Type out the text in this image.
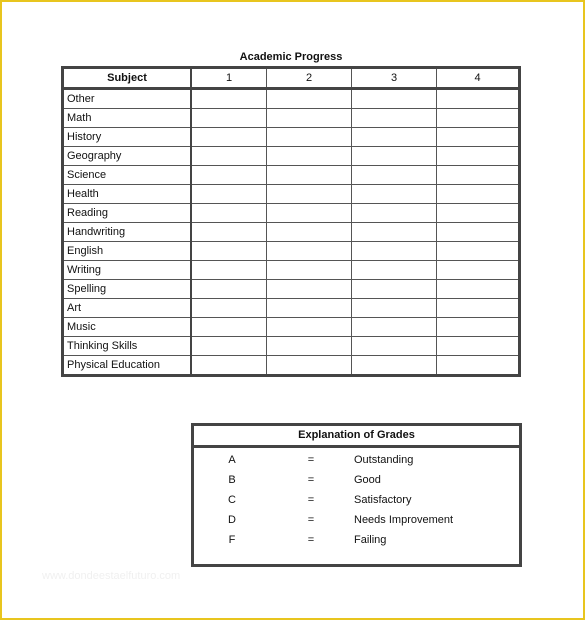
Academic Progress
Subject	1	2	3	4
Other				
Math				
History				
Geography				
Science				
Health				
Reading				
Handwriting				
English				
Writing				
Spelling				
Art				
Music				
Thinking Skills				
Physical Education				
Explanation of Grades
A	=	Outstanding
B	=	Good
C	=	Satisfactory
D	=	Needs Improvement
F	=	Failing
www.dondeestaelfuturo.com
